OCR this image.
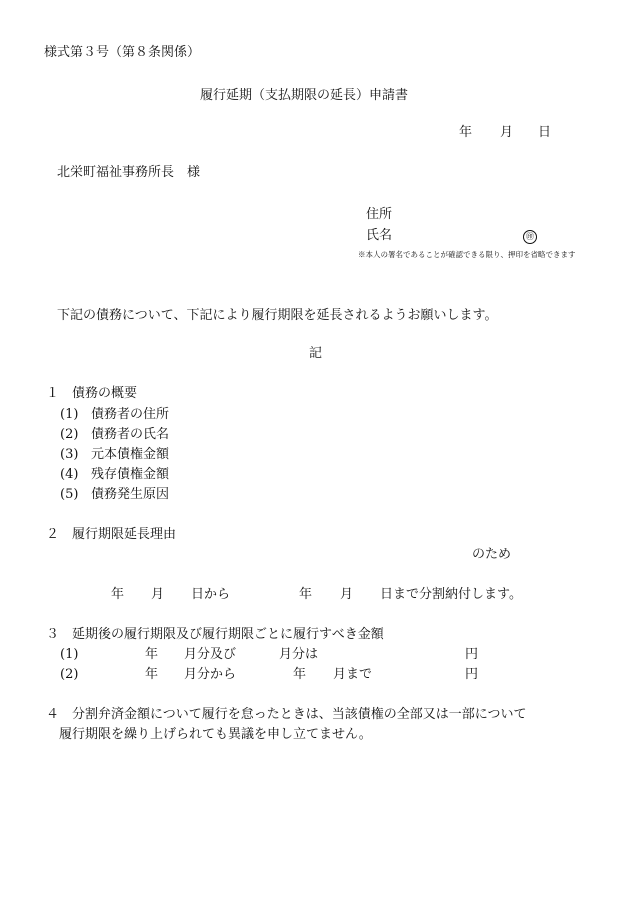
様式第３号（第８条関係）
履行延期（支払期限の延長）申請書
年 月 日
北栄町福祉事務所長　様
住所
氏名	㊞
※本人の署名であることが確認できる限り、押印を省略できます
下記の債務について、下記により履行期限を延長されるようお願いします。
記
１　債務の概要
(1) 債務者の住所
(2) 債務者の氏名
(3) 元本債権金額
(4) 残存債権金額
(5) 債務発生原因
２　履行期限延長理由
のため
年 月 日から	年 月 日まで分割納付します。
３　延期後の履行期限及び履行期限ごとに履行すべき金額
(1)	年 月分及び	月分は	円
(2)	年 月分から	年 月まで	円
４　分割弁済金額について履行を怠ったときは、当該債権の全部又は一部について
履行期限を繰り上げられても異議を申し立てません。
